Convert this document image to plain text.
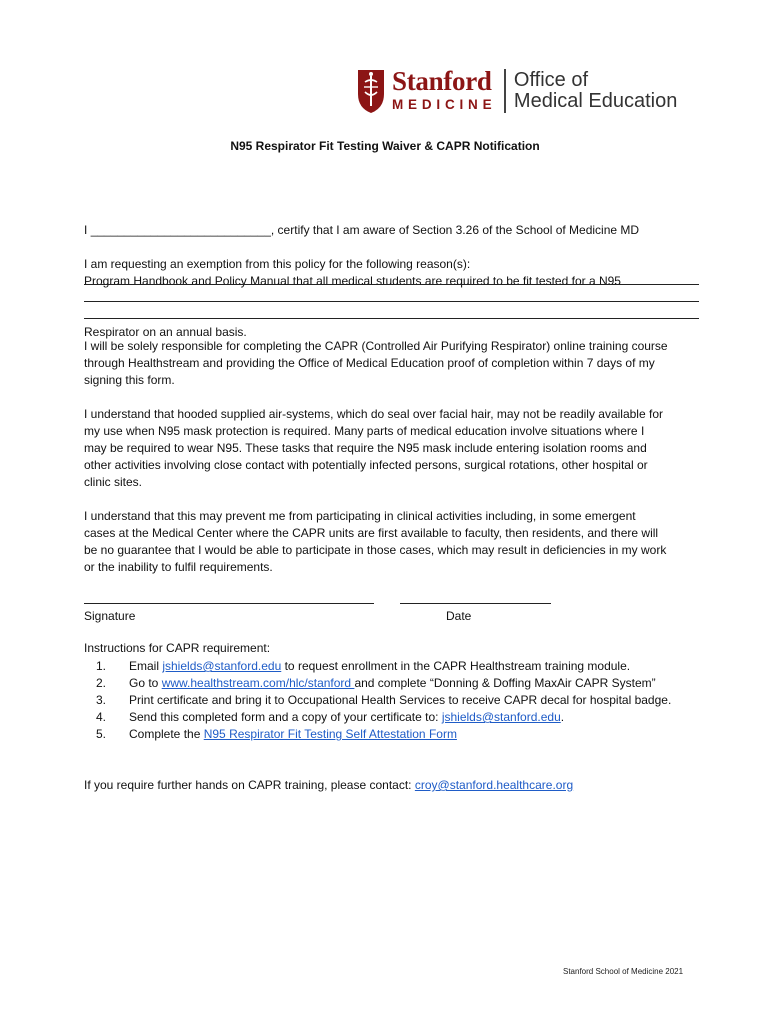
Stanford
MEDICINE
Office of
Medical Education
N95 Respirator Fit Testing Waiver & CAPR Notification

I ___________________________, certify that I am aware of Section 3.26 of the School of Medicine MD

Program Handbook and Policy Manual that all medical students are required to be fit tested for a N95

Respirator on an annual basis.

I am requesting an exemption from this policy for the following reason(s):
I will be solely responsible for completing the CAPR (Controlled Air Purifying Respirator) online training course
through Healthstream and providing the Office of Medical Education proof of completion within 7 days of my
signing this form.
I understand that hooded supplied air-systems, which do seal over facial hair, may not be readily available for
my use when N95 mask protection is required. Many parts of medical education involve situations where I
may be required to wear N95. These tasks that require the N95 mask include entering isolation rooms and
other activities involving close contact with potentially infected persons, surgical rotations, other hospital or
clinic sites.
I understand that this may prevent me from participating in clinical activities including, in some emergent
cases at the Medical Center where the CAPR units are first available to faculty, then residents, and there will
be no guarantee that I would be able to participate in those cases, which may result in deficiencies in my work
or the inability to fulfil requirements.
Signature	Date
Instructions for CAPR requirement:
1. Email jshields@stanford.edu to request enrollment in the CAPR Healthstream training module.
2. Go to www.healthstream.com/hlc/stanford and complete “Donning & Doffing MaxAir CAPR System”
3. Print certificate and bring it to Occupational Health Services to receive CAPR decal for hospital badge.
4. Send this completed form and a copy of your certificate to: jshields@stanford.edu.
5. Complete the N95 Respirator Fit Testing Self Attestation Form
If you require further hands on CAPR training, please contact: croy@stanford.healthcare.org
Stanford School of Medicine 2021
